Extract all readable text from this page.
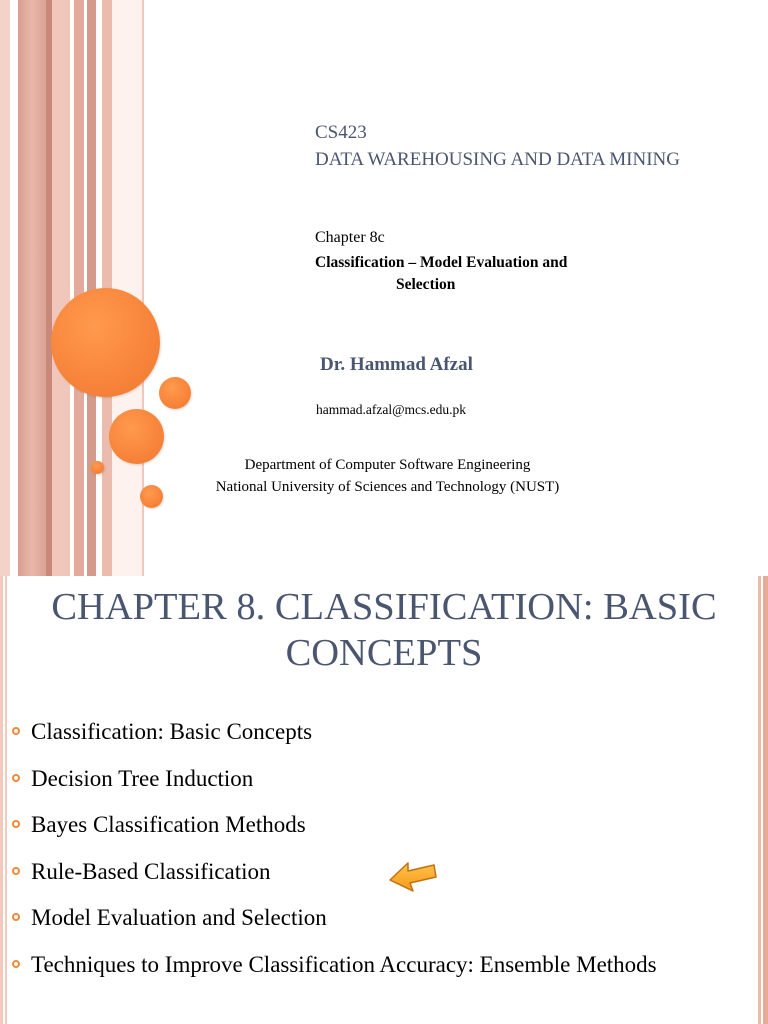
CS423
DATA WAREHOUSING AND DATA MINING
Chapter 8c
Classification – Model Evaluation and
Selection
Dr. Hammad Afzal
hammad.afzal@mcs.edu.pk
Department of Computer Software Engineering
National University of Sciences and Technology (NUST)
CHAPTER 8. CLASSIFICATION: BASIC
CONCEPTS
Classification: Basic Concepts
Decision Tree Induction
Bayes Classification Methods
Rule-Based Classification
Model Evaluation and Selection
Techniques to Improve Classification Accuracy: Ensemble Methods
